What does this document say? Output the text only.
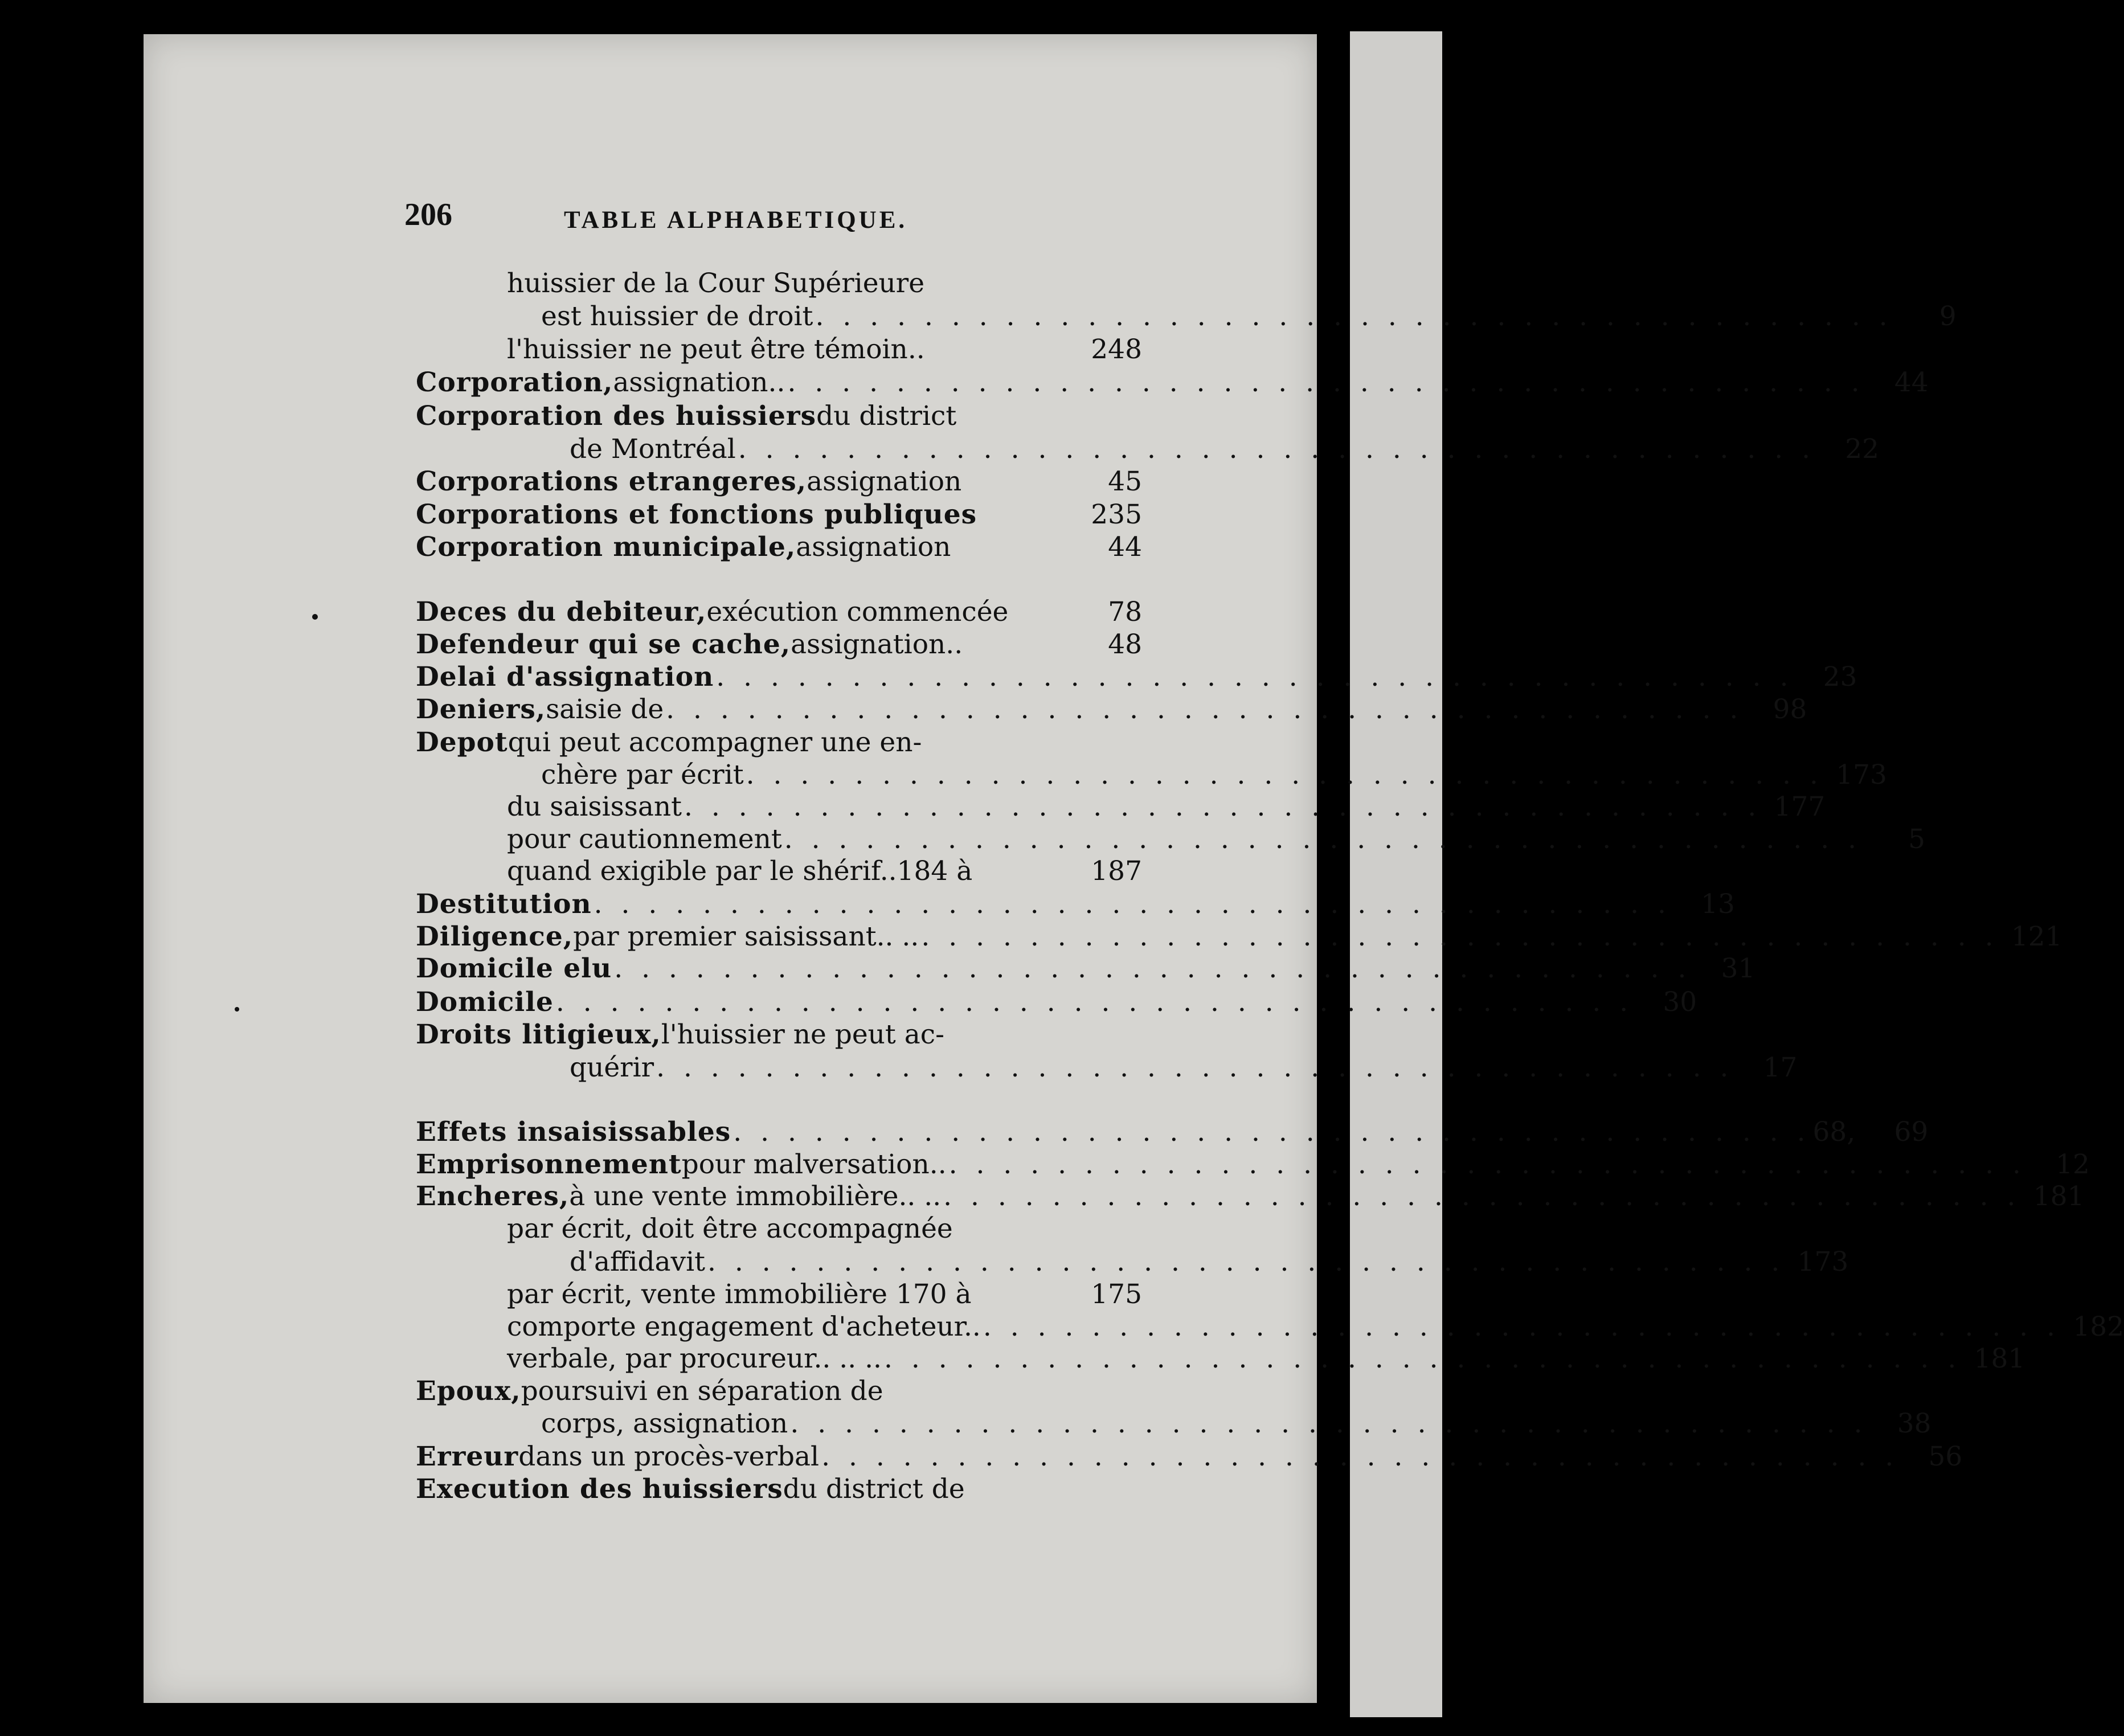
206	TABLE ALPHABETIQUE.
huissier de la Cour Supérieure
est huissier de droit . . . . . . . . . . . . . . . . . . . . . . . . . . . . . . . . . . . . . . . .	9
l'huissier ne peut être témoin..	248
Corporation, assignation.. . . . . . . . . . . . . . . . . . . . . . . . . . . . . . . . . . . . . . . . .	44
Corporation des huissiers du district
de Montréal . . . . . . . . . . . . . . . . . . . . . . . . . . . . . . . . . . . . . . . .	22
Corporations etrangeres, assignation	45
Corporations et fonctions publiques	235
Corporation municipale, assignation	44
Deces du debiteur, exécution commencée	78
Defendeur qui se cache, assignation..	48
Delai d'assignation . . . . . . . . . . . . . . . . . . . . . . . . . . . . . . . . . . . . . . . .	23
Deniers, saisie de . . . . . . . . . . . . . . . . . . . . . . . . . . . . . . . . . . . . . . . .	98
Depot qui peut accompagner une en-
chère par écrit . . . . . . . . . . . . . . . . . . . . . . . . . . . . . . . . . . . . . . . . 173
du saisissant . . . . . . . . . . . . . . . . . . . . . . . . . . . . . . . . . . . . . . . . 177
pour cautionnement . . . . . . . . . . . . . . . . . . . . . . . . . . . . . . . . . . . . . . . .	5
quand exigible par le shérif..184 à	187
Destitution . . . . . . . . . . . . . . . . . . . . . . . . . . . . . . . . . . . . . . . .	13
Diligence, par premier saisissant.. .. . . . . . . . . . . . . . . . . . . . . . . . . . . . . . . . . . . . . . . . . 121
Domicile elu . . . . . . . . . . . . . . . . . . . . . . . . . . . . . . . . . . . . . . . .	31
Domicile . . . . . . . . . . . . . . . . . . . . . . . . . . . . . . . . . . . . . . . .	30
Droits litigieux, l'huissier ne peut ac-
quérir . . . . . . . . . . . . . . . . . . . . . . . . . . . . . . . . . . . . . . . .	17
Effets insaisissables . . . . . . . . . . . . . . . . . . . . . . . . . . . . . . . . . . . . . . . . 68,	69
Emprisonnement pour malversation.. . . . . . . . . . . . . . . . . . . . . . . . . . . . . . . . . . . . . . . . .	12
Encheres, à une vente immobilière.. .. . . . . . . . . . . . . . . . . . . . . . . . . . . . . . . . . . . . . . . . . 181
par écrit, doit être accompagnée
d'affidavit . . . . . . . . . . . . . . . . . . . . . . . . . . . . . . . . . . . . . . . . 173
par écrit, vente immobilière 170 à	175
comporte engagement d'acheteur.. . . . . . . . . . . . . . . . . . . . . . . . . . . . . . . . . . . . . . . . . 182
verbale, par procureur.. .. .. . . . . . . . . . . . . . . . . . . . . . . . . . . . . . . . . . . . . . . . . 181
Epoux, poursuivi en séparation de
corps, assignation . . . . . . . . . . . . . . . . . . . . . . . . . . . . . . . . . . . . . . . .	38
Erreur dans un procès-verbal . . . . . . . . . . . . . . . . . . . . . . . . . . . . . . . . . . . . . . . .	56
Execution des huissiers du district de
